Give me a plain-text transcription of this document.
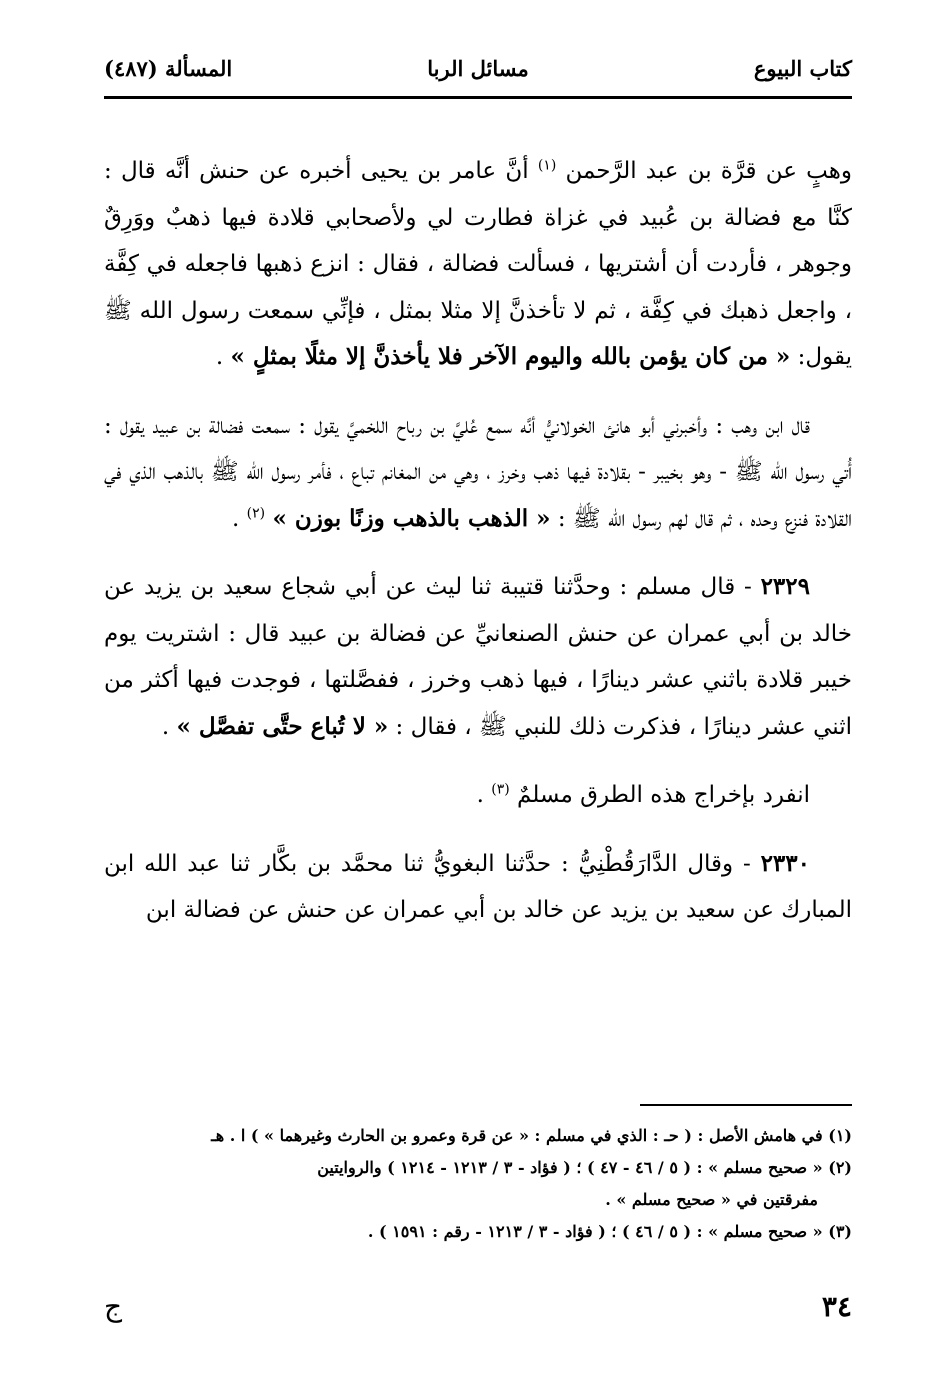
كتاب البيوع
مسائل الربا
المسألة (٤٨٧)

وهبٍ عن قرَّة بن عبد الرَّحمن $^{(١)}$ أنَّ عامر بن يحيى أخبره عن حنش أنَّه قال : كنَّا مع فضالة بن عُبيد في غزاة فطارت لي ولأصحابي قلادة فيها ذهبٌ ووَرِقٌ وجوهر ، فأردت أن أشتريها ، فسألت فضالة ، فقال : انزع ذهبها فاجعله في كِفَّة ، واجعل ذهبك في كِفَّة ، ثم لا تأخذنَّ إلا مثلا بمثل ، فإنِّي سمعت رسول الله ﷺ يقول: « من كان يؤمن بالله واليوم الآخر فلا يأخذنَّ إلا مثلًا بمثلٍ » .

قال ابن وهب : وأخبرني أبو هانئ الخولانيُّ أنَّه سمع عُليَّ بن رباح اللخميَّ يقول : سمعت فضالة بن عبيد يقول : أُتي رسول الله ﷺ - وهو بخيبر - بقلادة فيها ذهب وخرز ، وهي من المغانم تباع ، فأمر رسول الله ﷺ بالذهب الذي في القلادة فنزع وحده ، ثم قال لهم رسول الله ﷺ : « الذهب بالذهب وزنًا بوزن » $^{(٢)}$ .

٢٣٢٩ - قال مسلم : وحدَّثنا قتيبة ثنا ليث عن أبي شجاع سعيد بن يزيد عن خالد بن أبي عمران عن حنش الصنعانيِّ عن فضالة بن عبيد قال : اشتريت يوم خيبر قلادة باثني عشر دينارًا ، فيها ذهب وخرز ، ففصَّلتها ، فوجدت فيها أكثر من اثني عشر دينارًا ، فذكرت ذلك للنبي ﷺ ، فقال : « لا تُباع حتَّى تفصَّل » .

انفرد بإخراج هذه الطرق مسلمٌ $^{(٣)}$ .

٢٣٣٠ - وقال الدَّارَقُطْنِيُّ : حدَّثنا البغويُّ ثنا محمَّد بن بكَّار ثنا عبد الله ابن المبارك عن سعيد بن يزيد عن خالد بن أبي عمران عن حنش عن فضالة ابن

(١) في هامش الأصل : ( حـ : الذي في مسلم : « عن قرة وعمرو بن الحارث وغيرهما » ) ا . هـ

(٢) « صحيح مسلم » : ( ٥ / ٤٦ - ٤٧ ) ؛ ( فؤاد - ٣ / ١٢١٣ - ١٢١٤ ) والروايتين

مفرقتين في « صحيح مسلم » .

(٣) « صحيح مسلم » : ( ٥ / ٤٦ ) ؛ ( فؤاد - ٣ / ١٢١٣ - رقم : ١٥٩١ ) .

٣٤
ج
